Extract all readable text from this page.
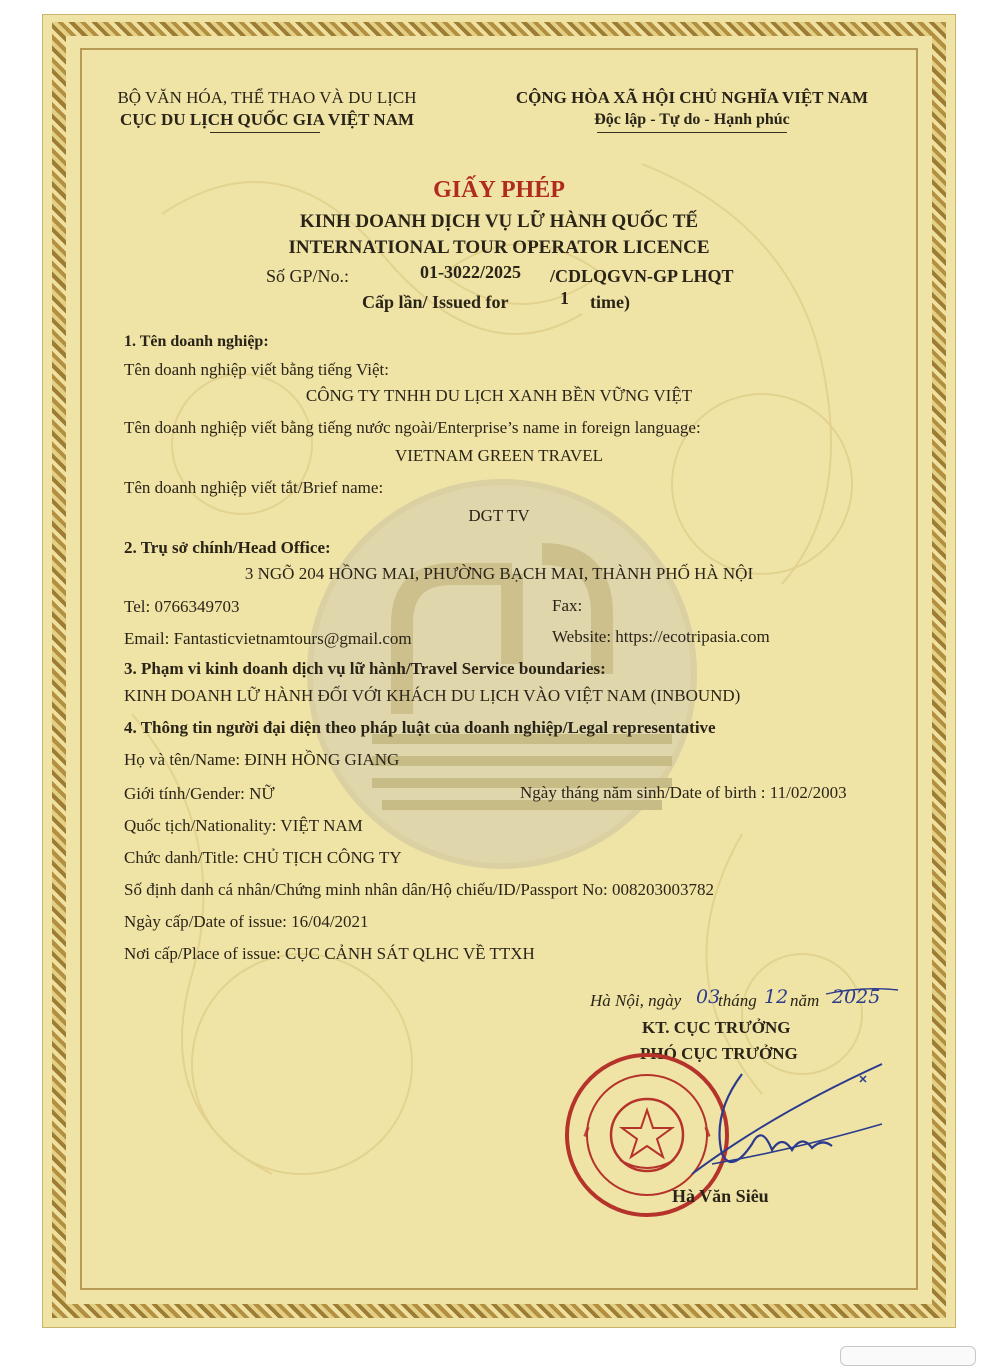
BỘ VĂN HÓA, THỂ THAO VÀ DU LỊCH
CỤC DU LỊCH QUỐC GIA VIỆT NAM
CỘNG HÒA XÃ HỘI CHỦ NGHĨA VIỆT NAM
Độc lập - Tự do - Hạnh phúc
GIẤY PHÉP
KINH DOANH DỊCH VỤ LỮ HÀNH QUỐC TẾ
INTERNATIONAL TOUR OPERATOR LICENCE
Số GP/No.:	01-3022/2025 /CDLQGVN-GP LHQT
Cấp lần/ Issued for	1 time)
1. Tên doanh nghiệp:
Tên doanh nghiệp viết bằng tiếng Việt:
CÔNG TY TNHH DU LỊCH XANH BỀN VỮNG VIỆT
Tên doanh nghiệp viết bằng tiếng nước ngoài/Enterprise’s name in foreign language:
VIETNAM GREEN TRAVEL
Tên doanh nghiệp viết tắt/Brief name:
DGT TV
2. Trụ sở chính/Head Office:
3 NGÕ 204 HỒNG MAI, PHƯỜNG BẠCH MAI, THÀNH PHỐ HÀ NỘI
Tel: 0766349703	Fax:
Email: Fantasticvietnamtours@gmail.com	Website: https://ecotripasia.com
3. Phạm vi kinh doanh dịch vụ lữ hành/Travel Service boundaries:
KINH DOANH LỮ HÀNH ĐỐI VỚI KHÁCH DU LỊCH VÀO VIỆT NAM (INBOUND)
4. Thông tin người đại diện theo pháp luật của doanh nghiệp/Legal representative
Họ và tên/Name: ĐINH HỒNG GIANG
Giới tính/Gender: NỮ	Ngày tháng năm sinh/Date of birth : 11/02/2003
Quốc tịch/Nationality: VIỆT NAM
Chức danh/Title: CHỦ TỊCH CÔNG TY
Số định danh cá nhân/Chứng minh nhân dân/Hộ chiếu/ID/Passport No: 008203003782
Ngày cấp/Date of issue: 16/04/2021
Nơi cấp/Place of issue: CỤC CẢNH SÁT QLHC VỀ TTXH
Hà Nội, ngày 03
tháng 12 năm 2025
KT. CỤC TRƯỞNG
PHÓ CỤC TRƯỞNG
Hà Văn Siêu
